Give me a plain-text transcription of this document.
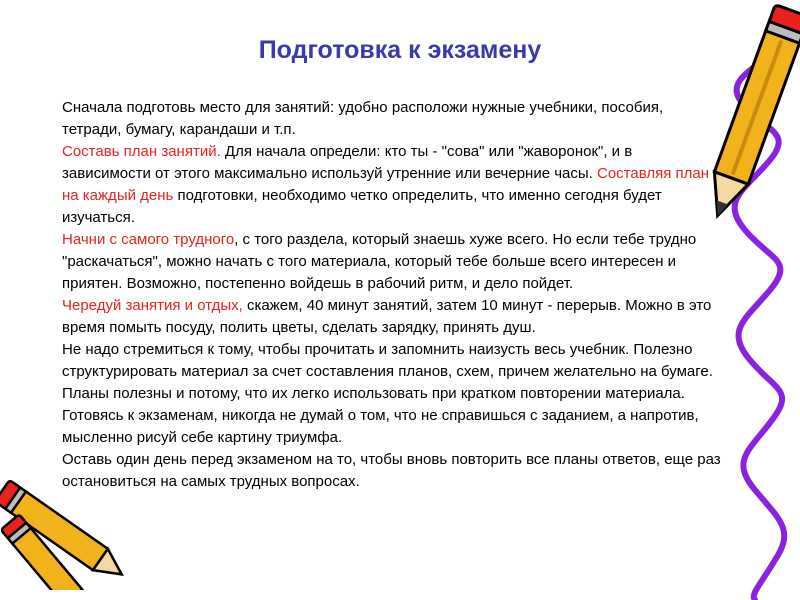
Подготовка к экзамену

Сначала подготовь место для занятий: удобно расположи нужные учебники, пособия, тетради, бумагу, карандаши и т.п.

Составь план занятий. Для начала определи: кто ты - "сова" или "жаворонок", и в зависимости от этого максимально используй утренние или вечерние часы. Составляя план на каждый день подготовки, необходимо четко определить, что именно сегодня будет изучаться.

Начни с самого трудного, с того раздела, который знаешь хуже всего. Но если тебе трудно "раскачаться", можно начать с того материала, который тебе больше всего интересен и приятен. Возможно, постепенно войдешь в рабочий ритм, и дело пойдет.

Чередуй занятия и отдых, скажем, 40 минут занятий, затем 10 минут - перерыв. Можно в это время помыть посуду, полить цветы, сделать зарядку, принять душ.

Не надо стремиться к тому, чтобы прочитать и запомнить наизусть весь учебник. Полезно структурировать материал за счет составления планов, схем, причем желательно на бумаге. Планы полезны и потому, что их легко использовать при кратком повторении материала.

Готовясь к экзаменам, никогда не думай о том, что не справишься с заданием, а напротив, мысленно рисуй себе картину триумфа.

Оставь один день перед экзаменом на то, чтобы вновь повторить все планы ответов, еще раз остановиться на самых трудных вопросах.
